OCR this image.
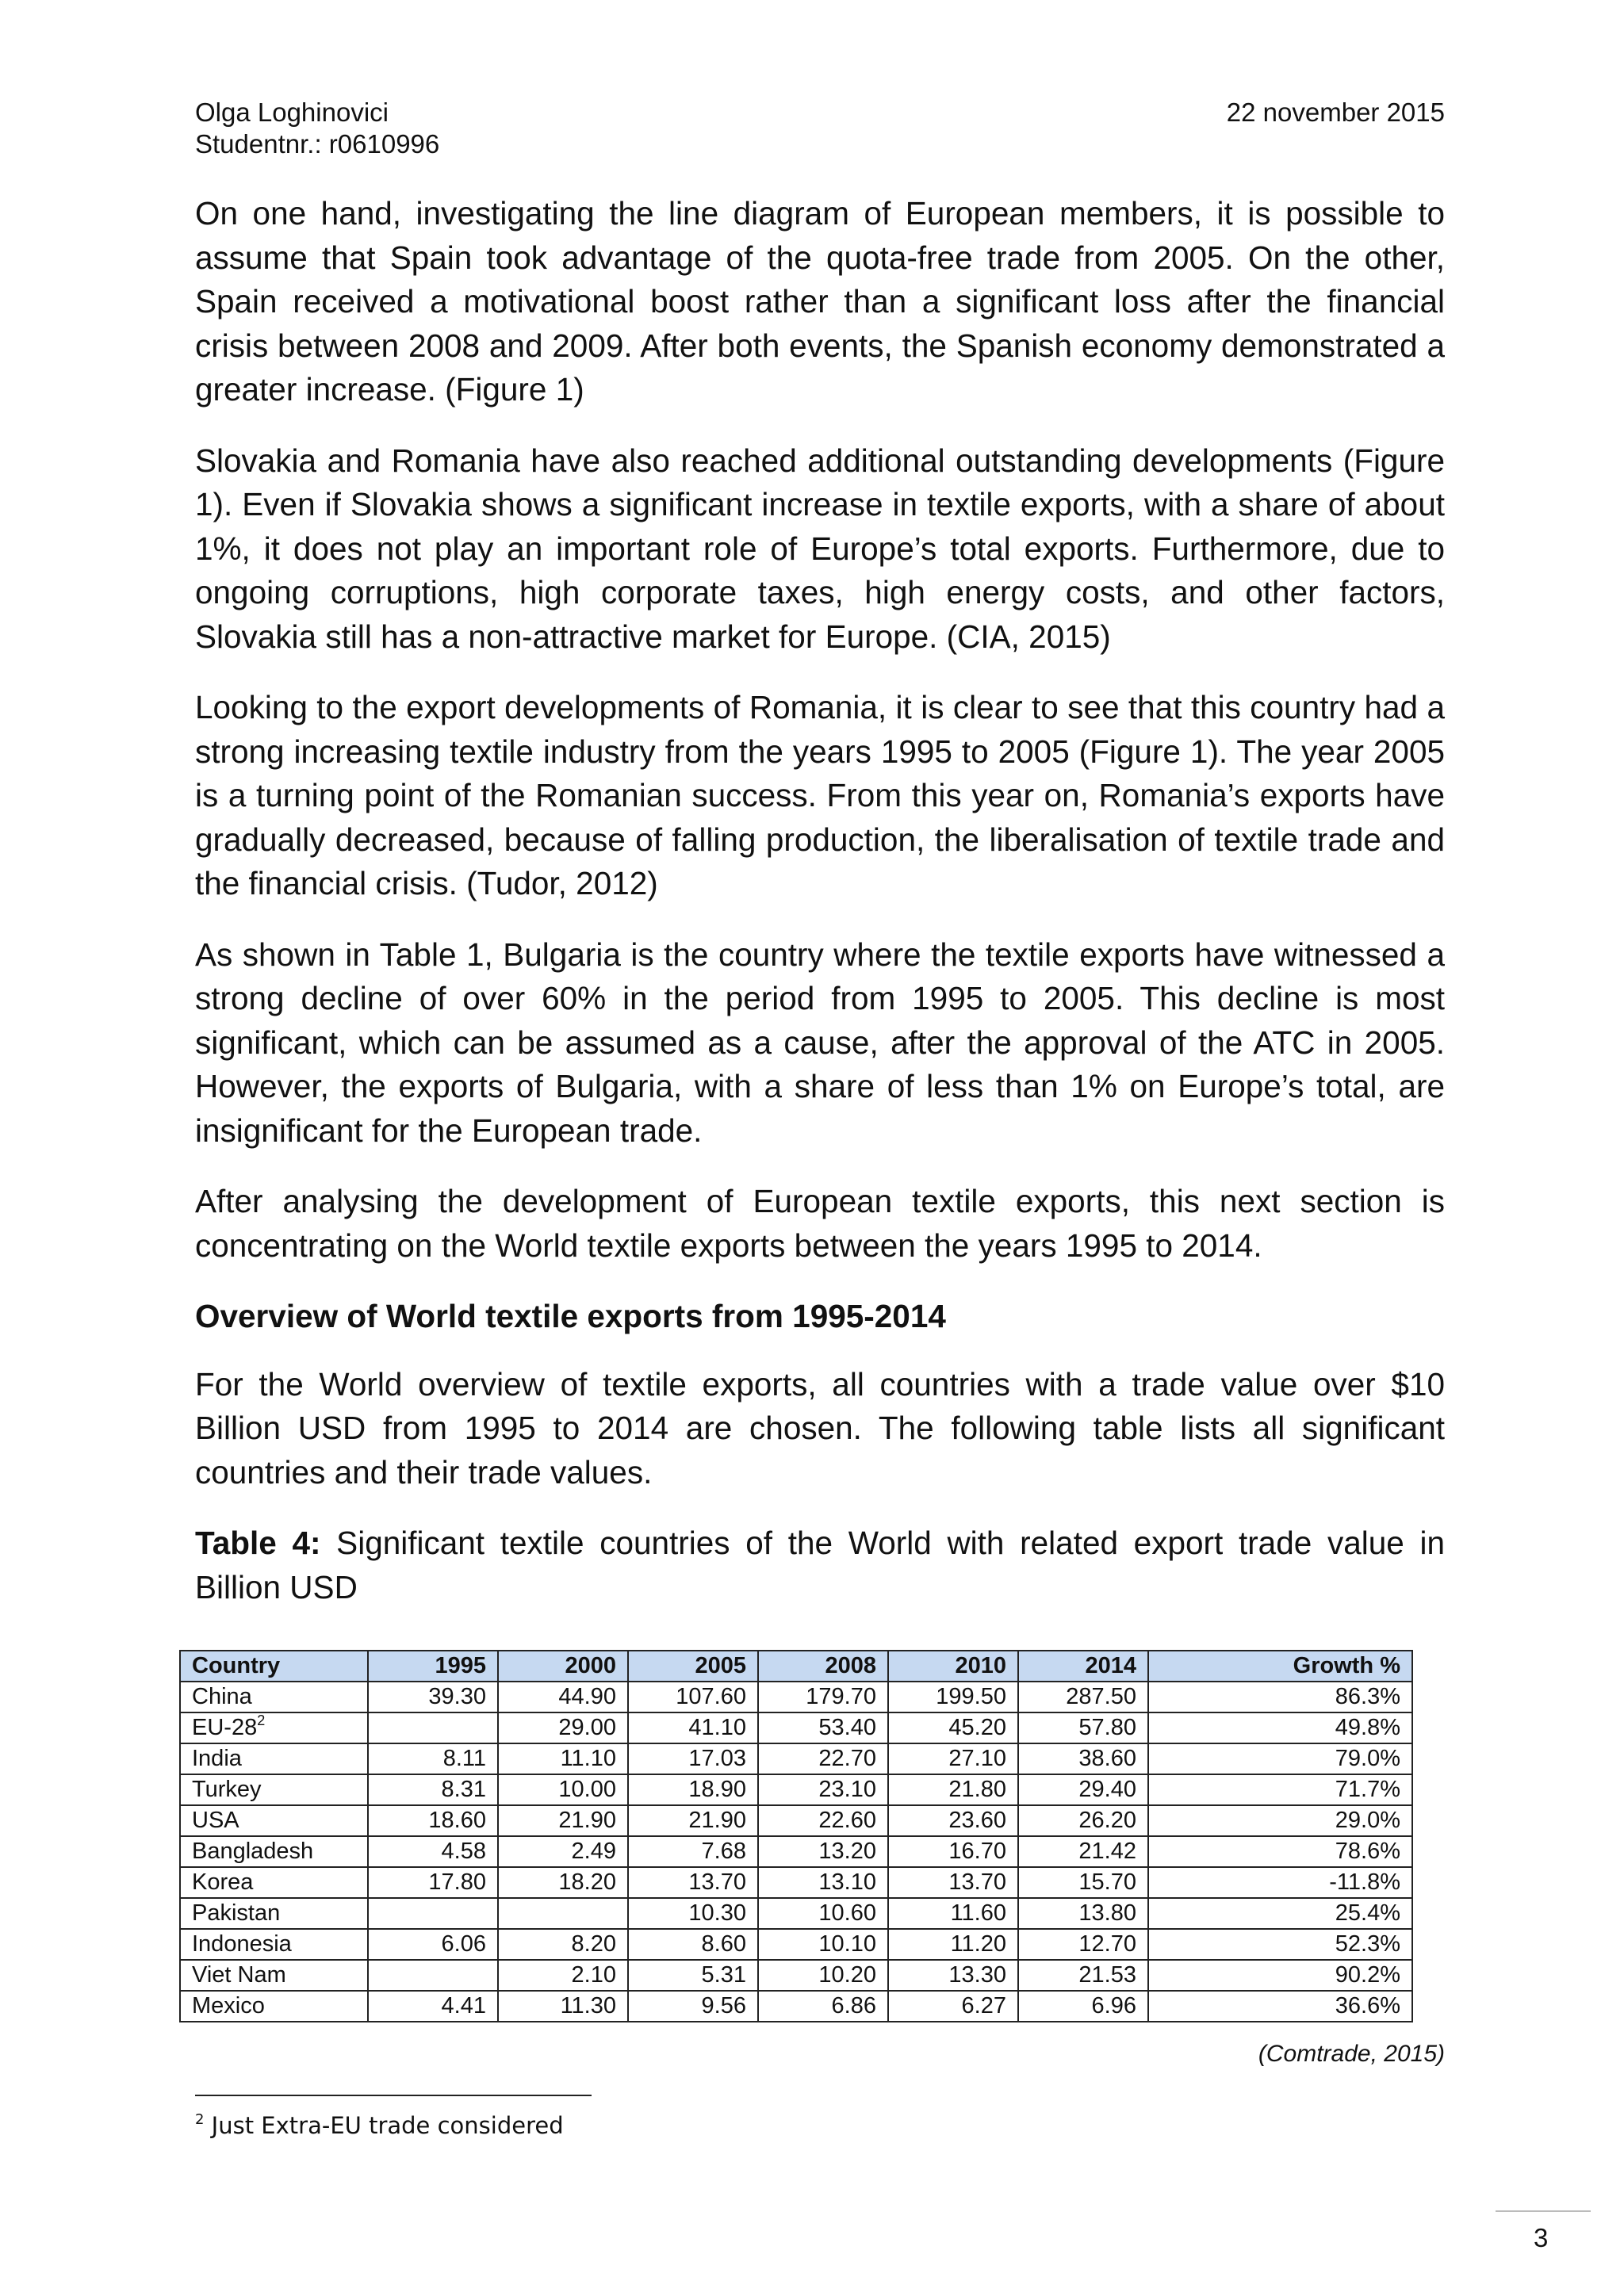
Olga Loghinovici
Studentnr.: r0610996
22 november 2015

On one hand, investigating the line diagram of European members, it is possible to assume that Spain took advantage of the quota-free trade from 2005. On the other, Spain received a motivational boost rather than a significant loss after the financial crisis between 2008 and 2009. After both events, the Spanish economy demonstrated a greater increase. (Figure 1)

Slovakia and Romania have also reached additional outstanding developments (Figure 1). Even if Slovakia shows a significant increase in textile exports, with a share of about 1%, it does not play an important role of Europe’s total exports. Furthermore, due to ongoing corruptions, high corporate taxes, high energy costs, and other factors, Slovakia still has a non-attractive market for Europe. (CIA, 2015)

Looking to the export developments of Romania, it is clear to see that this country had a strong increasing textile industry from the years 1995 to 2005 (Figure 1). The year 2005 is a turning point of the Romanian success. From this year on, Romania’s exports have gradually decreased, because of falling production, the liberalisation of textile trade and the financial crisis. (Tudor, 2012)

As shown in Table 1, Bulgaria is the country where the textile exports have witnessed a strong decline of over 60% in the period from 1995 to 2005. This decline is most significant, which can be assumed as a cause, after the approval of the ATC in 2005. However, the exports of Bulgaria, with a share of less than 1% on Europe’s total, are insignificant for the European trade.

After analysing the development of European textile exports, this next section is concentrating on the World textile exports between the years 1995 to 2014.

Overview of World textile exports from 1995-2014

For the World overview of textile exports, all countries with a trade value over $10 Billion USD from 1995 to 2014 are chosen. The following table lists all significant countries and their trade values.

Table 4: Significant textile countries of the World with related export trade value in Billion USD

Country	1995	2000	2005	2008	2010	2014	Growth %
China	39.30	44.90	107.60	179.70	199.50	287.50	86.3%
$EU-28^2$		29.00	41.10	53.40	45.20	57.80	49.8%
India	8.11	11.10	17.03	22.70	27.10	38.60	79.0%
Turkey	8.31	10.00	18.90	23.10	21.80	29.40	71.7%
USA	18.60	21.90	21.90	22.60	23.60	26.20	29.0%
Bangladesh	4.58	2.49	7.68	13.20	16.70	21.42	78.6%
Korea	17.80	18.20	13.70	13.10	13.70	15.70	-11.8%
Pakistan			10.30	10.60	11.60	13.80	25.4%
Indonesia	6.06	8.20	8.60	10.10	11.20	12.70	52.3%
Viet Nam		2.10	5.31	10.20	13.30	21.53	90.2%
Mexico	4.41	11.30	9.56	6.86	6.27	6.96	36.6%
(Comtrade, 2015)
$^2$ Just Extra-EU trade considered
3
